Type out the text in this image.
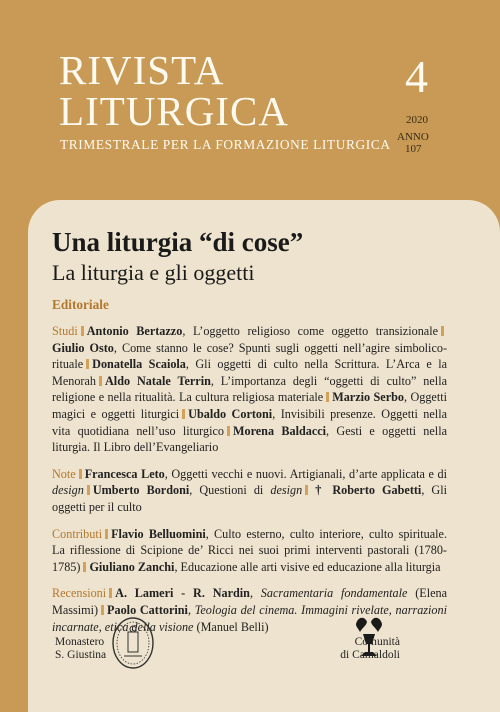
RIVISTA
LITURGICA
TRIMESTRALE PER LA FORMAZIONE LITURGICA
4
2020
ANNO
107
Una liturgia “di cose”
La liturgia e gli oggetti
Editoriale
Studi Antonio Bertazzo, L’oggetto religioso come oggetto transizionaleGiulio Osto, Come stanno le cose? Spunti sugli oggetti nell’agire simbolico-rituale Donatella Scaiola, Gli oggetti di culto nella Scrittura. L’Arca e la Menorah Aldo Natale Terrin, L’importanza degli “oggetti di culto” nella religione e nella ritualità. La cultura religiosa materiale Marzio Serbo, Oggetti magici e oggetti liturgici Ubaldo Cortoni, Invisibili presenze. Oggetti nella vita quotidiana nell’uso liturgico Morena Baldacci, Gesti e oggetti nella liturgia. Il Libro dell’Evangeliario
Note Francesca Leto, Oggetti vecchi e nuovi. Artigianali, d’arte applicata e di design Umberto Bordoni, Questioni di design † Roberto Gabetti, Gli oggetti per il culto
Contributi Flavio Belluomini, Culto esterno, culto interiore, culto spirituale. La riflessione di Scipione de’ Ricci nei suoi primi interventi pastorali (1780-1785) Giuliano Zanchi, Educazione alle arti visive ed educazione alla liturgia
Recensioni A. Lameri - R. Nardin, Sacramentaria fondamentale (Elena Massimi) Paolo Cattorini, Teologia del cinema. Immagini rivelate, narrazioni incarnate, etica della visione (Manuel Belli)
Monastero
S. Giustina
Comunità
di Camaldoli
